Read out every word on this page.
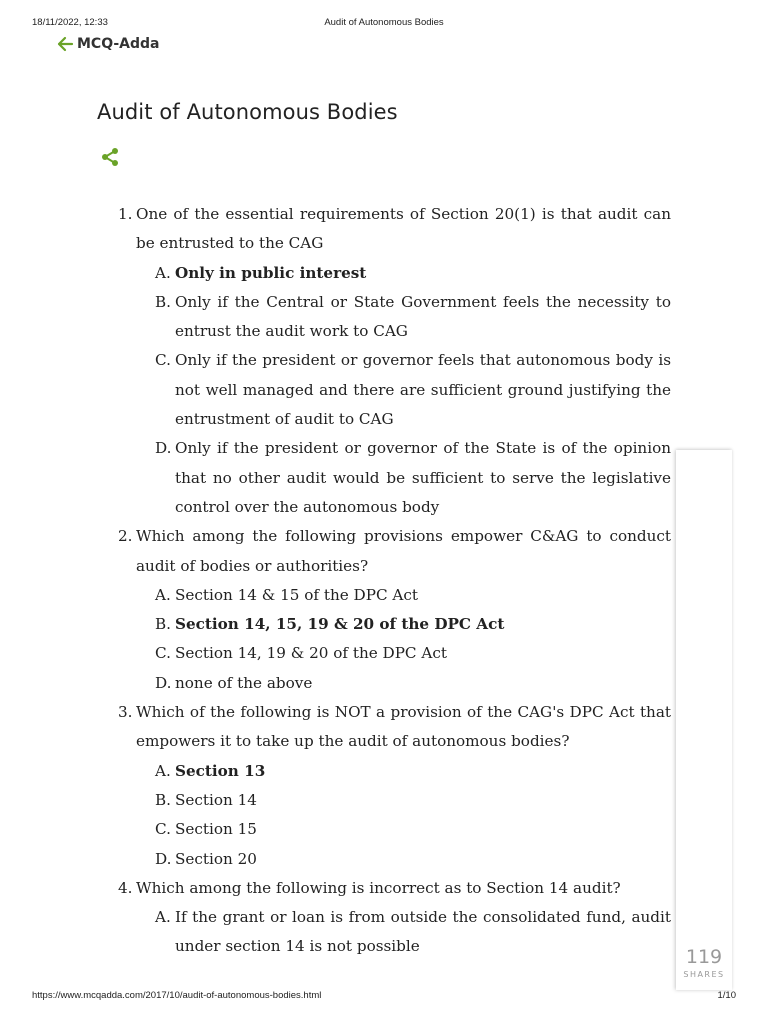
18/11/2022, 12:33	Audit of Autonomous Bodies
MCQ-Adda
Audit of Autonomous Bodies
1. One of the essential requirements of Section 20(1) is that audit can be entrusted to the CAG
A. Only in public interest
B. Only if the Central or State Government feels the necessity to entrust the audit work to CAG
C. Only if the president or governor feels that autonomous body is not well managed and there are sufficient ground justifying the entrustment of audit to CAG
D. Only if the president or governor of the State is of the opinion that no other audit would be sufficient to serve the legislative control over the autonomous body
2. Which among the following provisions empower C&AG to conduct audit of bodies or authorities?
A. Section 14 & 15 of the DPC Act
B. Section 14, 15, 19 & 20 of the DPC Act
C. Section 14, 19 & 20 of the DPC Act
D. none of the above
3. Which of the following is NOT a provision of the CAG's DPC Act that empowers it to take up the audit of autonomous bodies?
A. Section 13
B. Section 14
C. Section 15
D. Section 20
4. Which among the following is incorrect as to Section 14 audit?
A. If the grant or loan is from outside the consolidated fund, audit under section 14 is not possible	119
SHARES
https://www.mcqadda.com/2017/10/audit-of-autonomous-bodies.html	1/10
